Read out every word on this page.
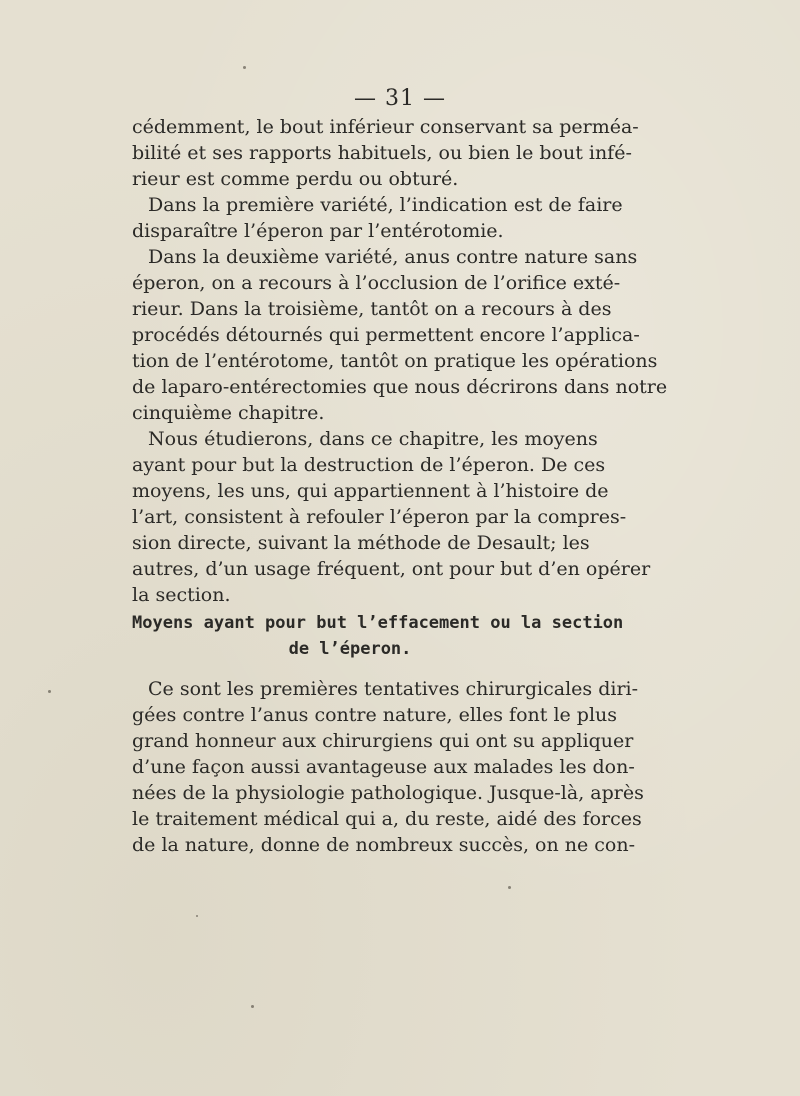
— 31 —
cédemment, le bout inférieur conservant sa perméa-
bilité et ses rapports habituels, ou bien le bout infé-
rieur est comme perdu ou obturé.
Dans la première variété, l’indication est de faire
disparaître l’éperon par l’entérotomie.
Dans la deuxième variété, anus contre nature sans
éperon, on a recours à l’occlusion de l’orifice exté-
rieur. Dans la troisième, tantôt on a recours à des
procédés détournés qui permettent encore l’applica-
tion de l’entérotome, tantôt on pratique les opérations
de laparo-entérectomies que nous décrirons dans notre
cinquième chapitre.
Nous étudierons, dans ce chapitre, les moyens
ayant pour but la destruction de l’éperon. De ces
moyens, les uns, qui appartiennent à l’histoire de
l’art, consistent à refouler l’éperon par la compres-
sion directe, suivant la méthode de Desault; les
autres, d’un usage fréquent, ont pour but d’en opérer
la section.
Moyens ayant pour but l’effacement ou la section
de l’éperon.
Ce sont les premières tentatives chirurgicales diri-
gées contre l’anus contre nature, elles font le plus
grand honneur aux chirurgiens qui ont su appliquer
d’une façon aussi avantageuse aux malades les don-
nées de la physiologie pathologique. Jusque-là, après
le traitement médical qui a, du reste, aidé des forces
de la nature, donne de nombreux succès, on ne con-
